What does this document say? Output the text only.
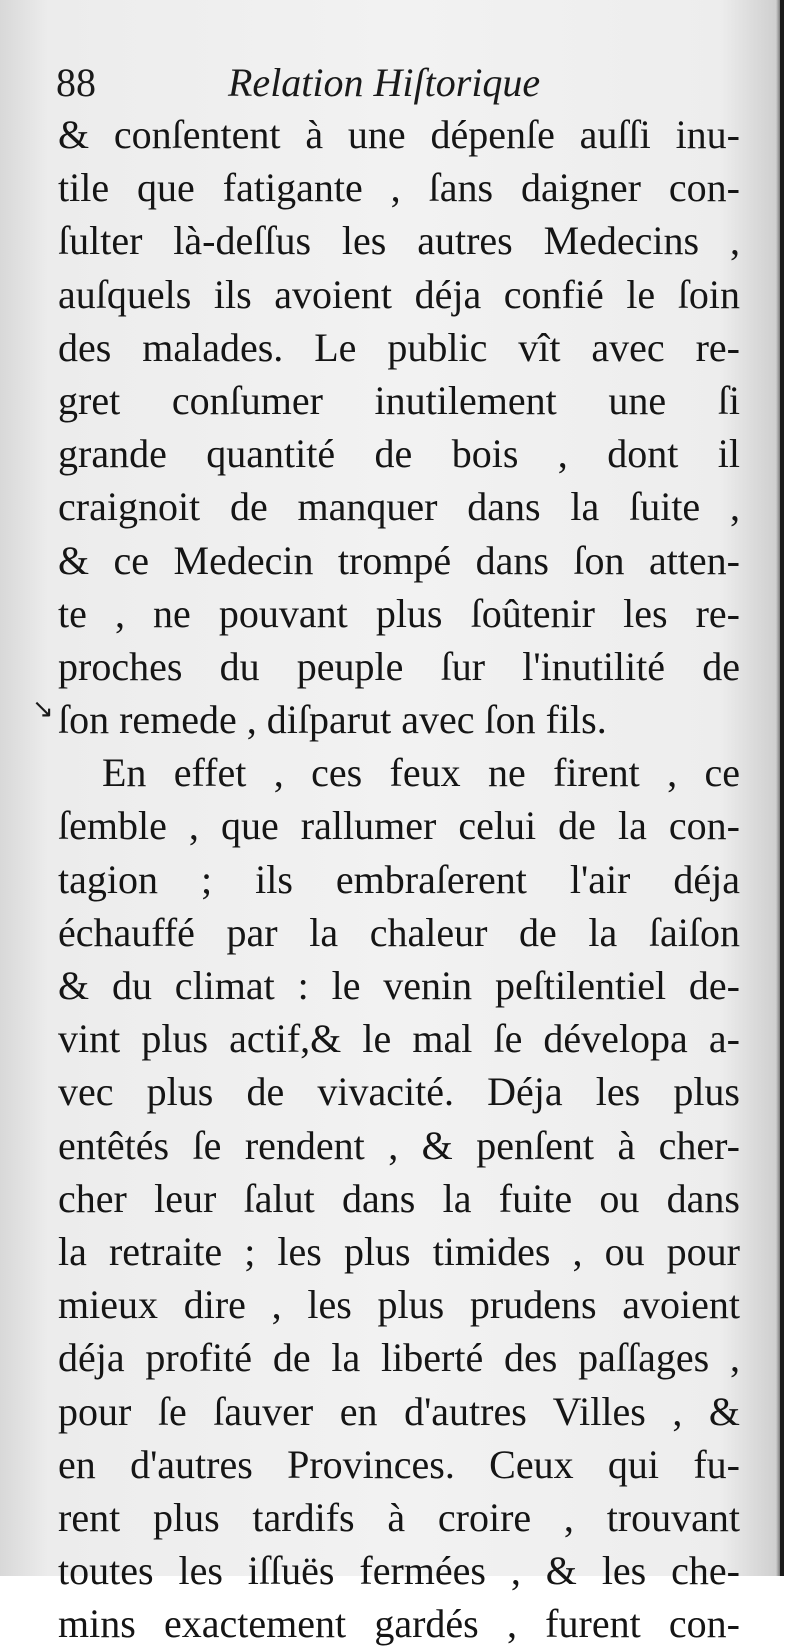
88	Relation Hiſtorique
↘
& conſentent à une dépenſe auſſi inu-
tile que fatigante , ſans daigner con-
ſulter là-deſſus les autres Medecins ,
auſquels ils avoient déja confié le ſoin
des malades. Le public vît avec re-
gret conſumer inutilement une ſi
grande quantité de bois , dont il
craignoit de manquer dans la ſuite ,
& ce Medecin trompé dans ſon atten-
te , ne pouvant plus ſoûtenir les re-
proches du peuple ſur l'inutilité de
ſon remede , diſparut avec ſon fils.
En effet , ces feux ne firent , ce
ſemble , que rallumer celui de la con-
tagion ; ils embraſerent l'air déja
échauffé par la chaleur de la ſaiſon
& du climat : le venin peſtilentiel de-
vint plus actif,& le mal ſe dévelopa a-
vec plus de vivacité. Déja les plus
entêtés ſe rendent , & penſent à cher-
cher leur ſalut dans la fuite ou dans
la retraite ; les plus timides , ou pour
mieux dire , les plus prudens avoient
déja profité de la liberté des paſſages ,
pour ſe ſauver en d'autres Villes , &
en d'autres Provinces. Ceux qui fu-
rent plus tardifs à croire , trouvant
toutes les iſſuës fermées , & les che-
mins exactement gardés , furent con-
